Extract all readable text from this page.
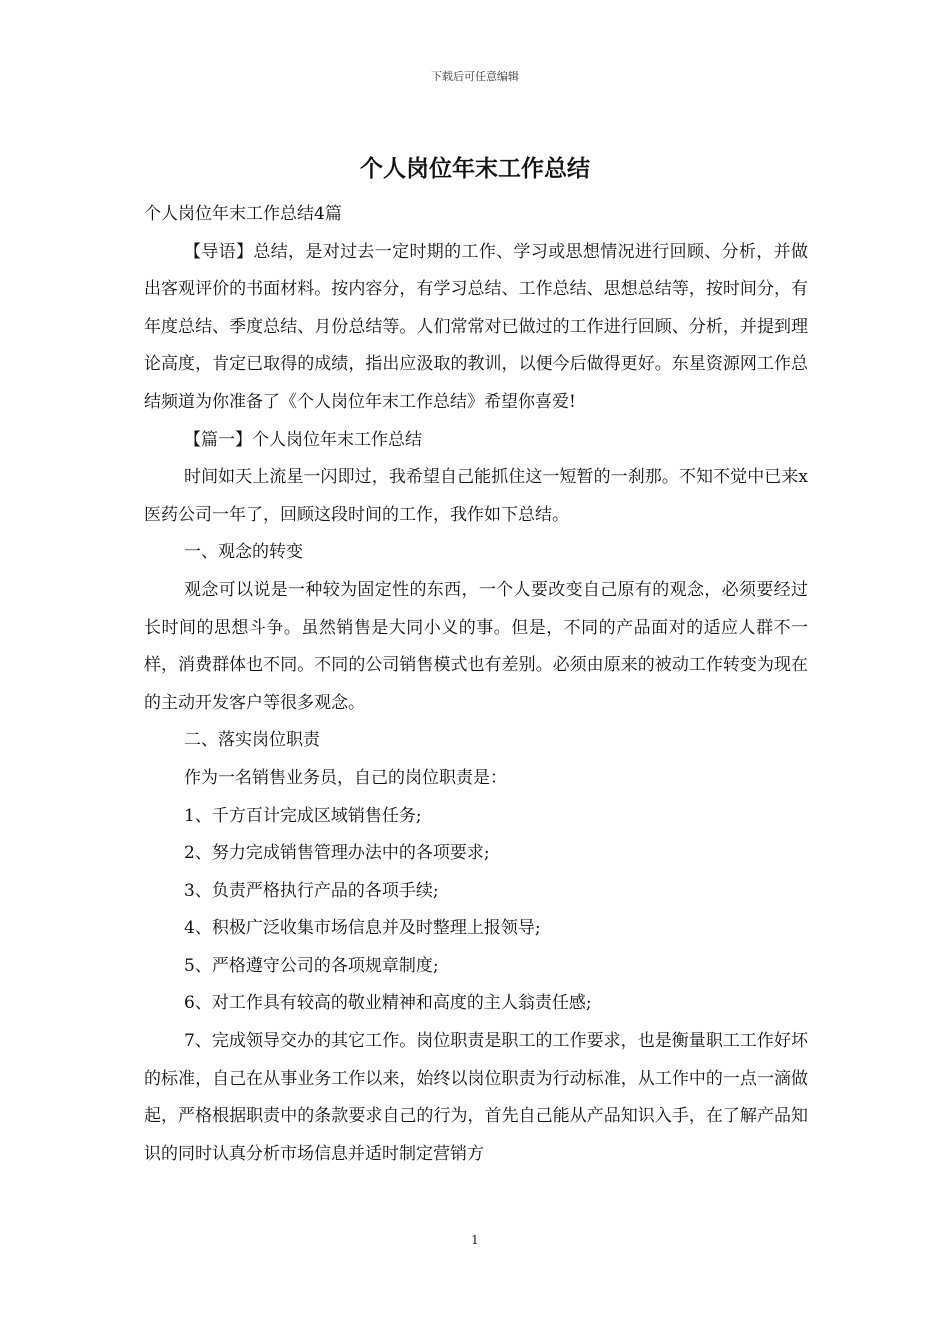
下载后可任意编辑
个人岗位年末工作总结

个人岗位年末工作总结4篇

【导语】总结，是对过去一定时期的工作、学习或思想情况进行回顾、分析，并做出客观评价的书面材料。按内容分，有学习总结、工作总结、思想总结等，按时间分，有年度总结、季度总结、月份总结等。人们常常对已做过的工作进行回顾、分析，并提到理论高度，肯定已取得的成绩，指出应汲取的教训，以便今后做得更好。东星资源网工作总结频道为你准备了《个人岗位年末工作总结》希望你喜爱!

【篇一】个人岗位年末工作总结

时间如天上流星一闪即过，我希望自己能抓住这一短暂的一刹那。不知不觉中已来x医药公司一年了，回顾这段时间的工作，我作如下总结。

一、观念的转变

观念可以说是一种较为固定性的东西，一个人要改变自己原有的观念，必须要经过长时间的思想斗争。虽然销售是大同小义的事。但是，不同的产品面对的适应人群不一样，消费群体也不同。不同的公司销售模式也有差别。必须由原来的被动工作转变为现在的主动开发客户等很多观念。

二、落实岗位职责

作为一名销售业务员，自己的岗位职责是：

1、千方百计完成区域销售任务;

2、努力完成销售管理办法中的各项要求;

3、负责严格执行产品的各项手续;

4、积极广泛收集市场信息并及时整理上报领导;

5、严格遵守公司的各项规章制度;

6、对工作具有较高的敬业精神和高度的主人翁责任感;

7、完成领导交办的其它工作。岗位职责是职工的工作要求，也是衡量职工工作好坏的标准，自己在从事业务工作以来，始终以岗位职责为行动标准，从工作中的一点一滴做起，严格根据职责中的条款要求自己的行为，首先自己能从产品知识入手，在了解产品知识的同时认真分析市场信息并适时制定营销方

1
